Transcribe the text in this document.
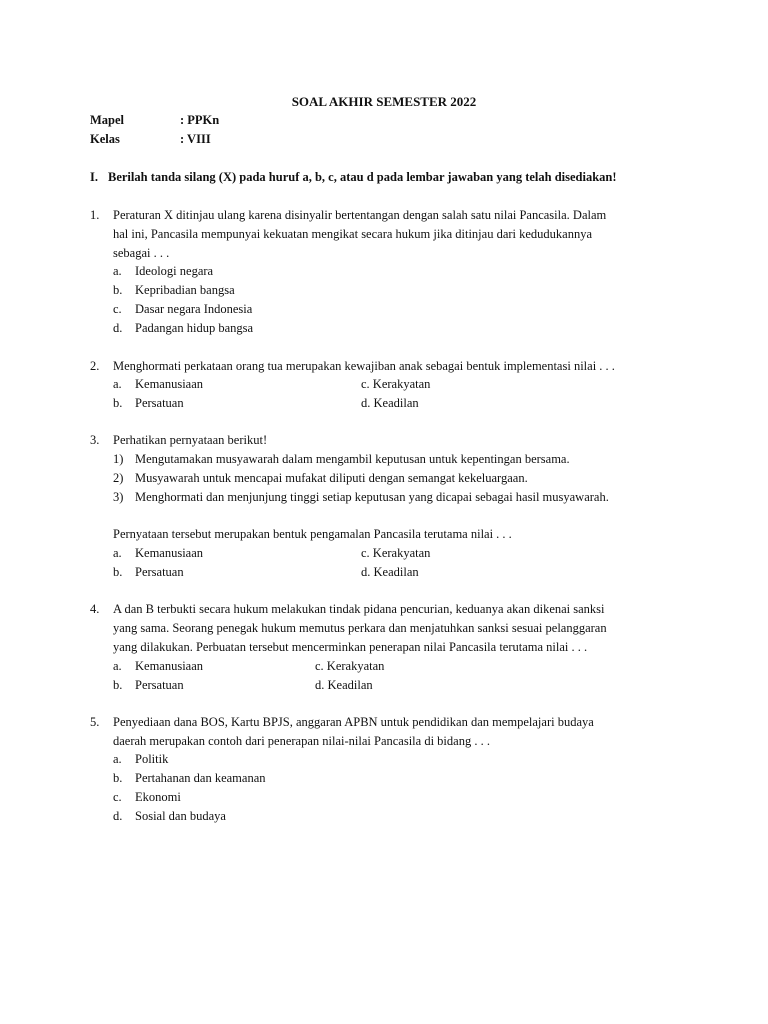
SOAL AKHIR SEMESTER 2022
Mapel	: PPKn
Kelas	: VIII
I. Berilah tanda silang (X) pada huruf a, b, c, atau d pada lembar jawaban yang telah disediakan!
1. Peraturan X ditinjau ulang karena disinyalir bertentangan dengan salah satu nilai Pancasila. Dalam
hal ini, Pancasila mempunyai kekuatan mengikat secara hukum jika ditinjau dari kedudukannya
sebagai . . .
a. Ideologi negara
b. Kepribadian bangsa
c. Dasar negara Indonesia
d. Padangan hidup bangsa
2. Menghormati perkataan orang tua merupakan kewajiban anak sebagai bentuk implementasi nilai . . .
a. Kemanusiaan	c. Kerakyatan
b. Persatuan	d. Keadilan
3. Perhatikan pernyataan berikut!
1) Mengutamakan musyawarah dalam mengambil keputusan untuk kepentingan bersama.
2) Musyawarah untuk mencapai mufakat diliputi dengan semangat kekeluargaan.
3) Menghormati dan menjunjung tinggi setiap keputusan yang dicapai sebagai hasil musyawarah.
Pernyataan tersebut merupakan bentuk pengamalan Pancasila terutama nilai . . .
a. Kemanusiaan	c. Kerakyatan
b. Persatuan	d. Keadilan
4. A dan B terbukti secara hukum melakukan tindak pidana pencurian, keduanya akan dikenai sanksi
yang sama. Seorang penegak hukum memutus perkara dan menjatuhkan sanksi sesuai pelanggaran
yang dilakukan. Perbuatan tersebut mencerminkan penerapan nilai Pancasila terutama nilai . . .
a. Kemanusiaan	c. Kerakyatan
b. Persatuan	d. Keadilan
5. Penyediaan dana BOS, Kartu BPJS, anggaran APBN untuk pendidikan dan mempelajari budaya
daerah merupakan contoh dari penerapan nilai-nilai Pancasila di bidang . . .
a. Politik
b. Pertahanan dan keamanan
c. Ekonomi
d. Sosial dan budaya
